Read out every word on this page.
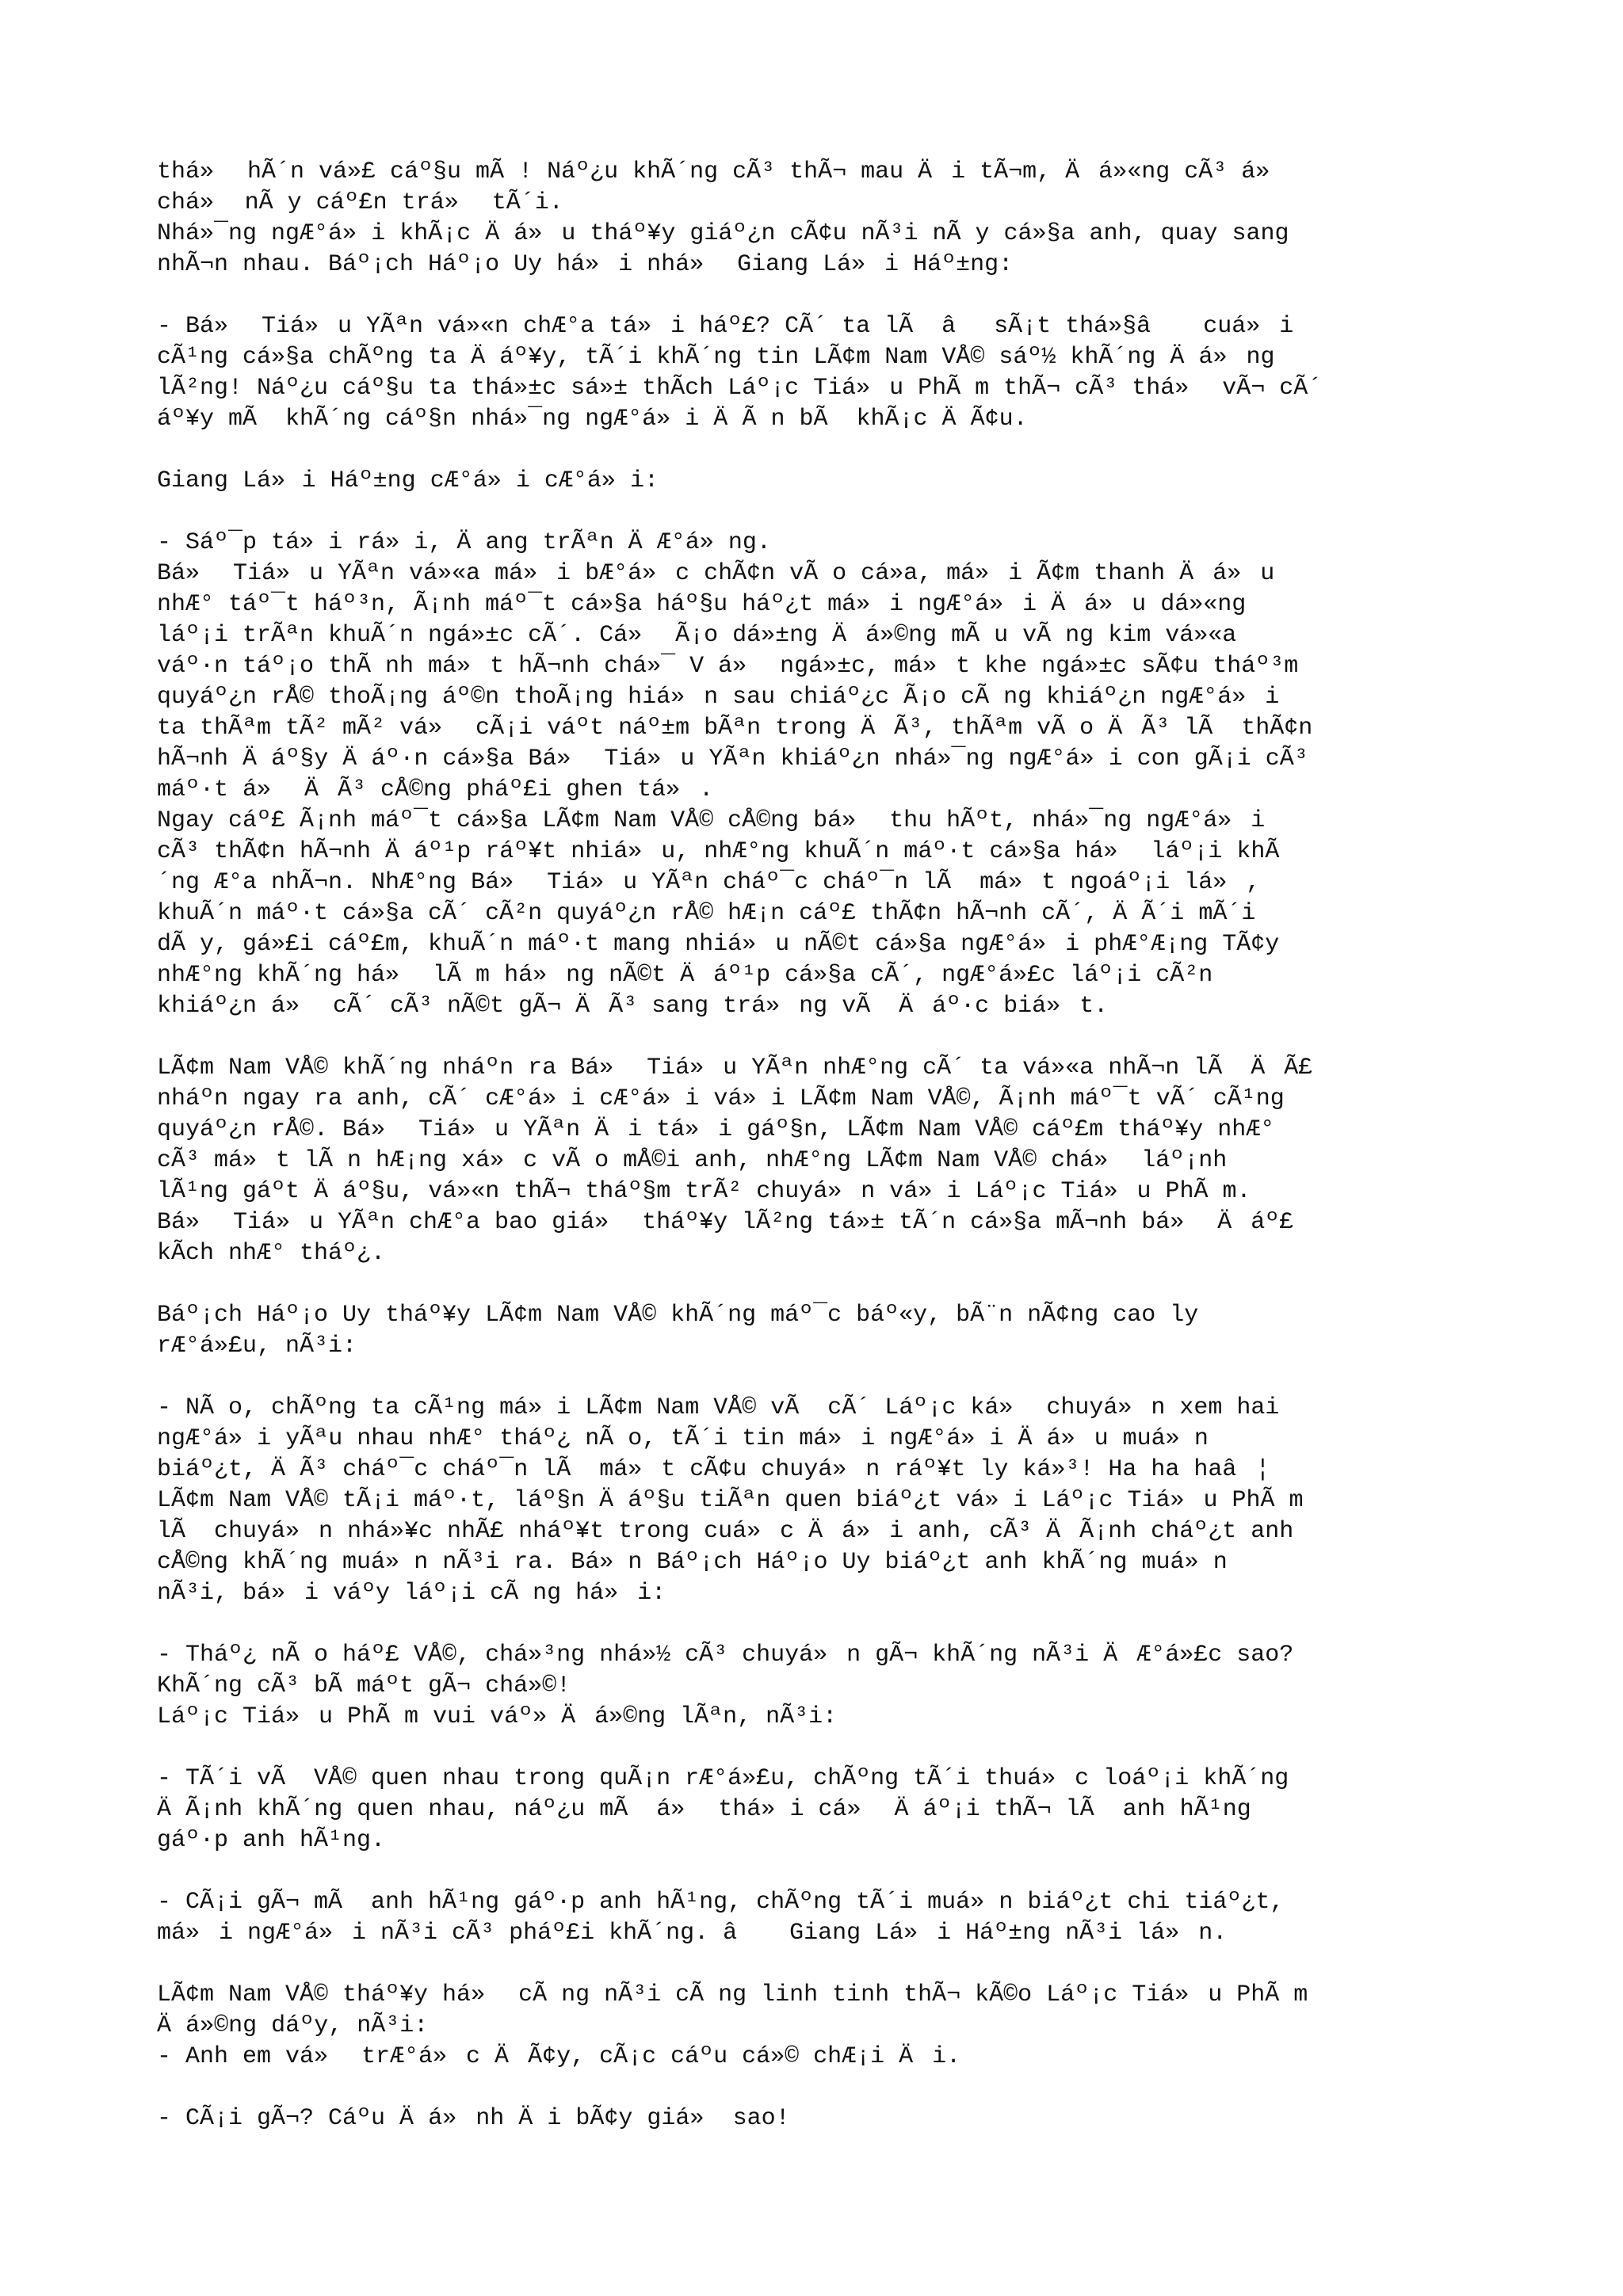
thá» hÃ´n vá»£ cáº§u mÃ ! Náº¿u khÃ´ng cÃ³ thÃ¬ mau Äi tÃ¬m, Äá»«ng cÃ³ á»

chá» nÃ y cáº£n trá» tÃ´i.

Nhá»¯ng ngÆ°á»i khÃ¡c Äá»u tháº¥y giáº¿n cÃ¢u nÃ³i nÃ y cá»§a anh, quay sang

nhÃ¬n nhau. Báº¡ch Háº¡o Uy há»i nhá» Giang Lá»i Háº±ng:

- Bá» Tiá»u YÃªn vá»«n chÆ°a tá»i háº£? CÃ´ ta lÃ  âsÃ¡t thá»§â cuá»i

cÃ¹ng cá»§a chÃºng ta Äáº¥y, tÃ´i khÃ´ng tin LÃ¢m Nam VÅ© sáº½ khÃ´ng Äá»ng

lÃ²ng! Náº¿u cáº§u ta thá»±c sá»± thÃch Láº¡c Tiá»u PhÃ m thÃ¬ cÃ³ thá» vÃ¬ cÃ´

áº¥y mÃ  khÃ´ng cáº§n nhá»¯ng ngÆ°á»i ÄÃ n bÃ  khÃ¡c ÄÃ¢u.

Giang Lá»i Háº±ng cÆ°á»i cÆ°á»i:

- Sáº¯p tá»i rá»i, Äang trÃªn ÄÆ°á»ng.

Bá» Tiá»u YÃªn vá»«a má»i bÆ°á»c chÃ¢n vÃ o cá»a, má»i Ã¢m thanh Äá»u

nhÆ° táº¯t háº³n, Ã¡nh máº¯t cá»§a háº§u háº¿t má»i ngÆ°á»i Äá»u dá»«ng

láº¡i trÃªn khuÃ´n ngá»±c cÃ´. Cá» Ã¡o dá»±ng Äá»©ng mÃ u vÃ ng kim vá»«a

váº·n táº¡o thÃ nh má»t hÃ¬nh chá»¯ V á» ngá»±c, má»t khe ngá»±c sÃ¢u tháº³m

quyáº¿n rÅ© thoÃ¡ng áº©n thoÃ¡ng hiá»n sau chiáº¿c Ã¡o cÃ ng khiáº¿n ngÆ°á»i

ta thÃªm tÃ² mÃ² vá» cÃ¡i váºt náº±m bÃªn trong ÄÃ³, thÃªm vÃ o ÄÃ³ lÃ  thÃ¢n

hÃ¬nh Äáº§y Äáº·n cá»§a Bá» Tiá»u YÃªn khiáº¿n nhá»¯ng ngÆ°á»i con gÃ¡i cÃ³

máº·t á» ÄÃ³ cÅ©ng pháº£i ghen tá».

Ngay cáº£ Ã¡nh máº¯t cá»§a LÃ¢m Nam VÅ© cÅ©ng bá» thu hÃºt, nhá»¯ng ngÆ°á»i

cÃ³ thÃ¢n hÃ¬nh Äáº¹p ráº¥t nhiá»u, nhÆ°ng khuÃ´n máº·t cá»§a há» láº¡i khÃ

´ng Æ°a nhÃ¬n. NhÆ°ng Bá» Tiá»u YÃªn cháº¯c cháº¯n lÃ  má»t ngoáº¡i lá»,

khuÃ´n máº·t cá»§a cÃ´ cÃ²n quyáº¿n rÅ© hÆ¡n cáº£ thÃ¢n hÃ¬nh cÃ´, ÄÃ´i mÃ´i

dÃ y, gá»£i cáº£m, khuÃ´n máº·t mang nhiá»u nÃ©t cá»§a ngÆ°á»i phÆ°Æ¡ng TÃ¢y

nhÆ°ng khÃ´ng há» lÃ m há»ng nÃ©t Äáº¹p cá»§a cÃ´, ngÆ°á»£c láº¡i cÃ²n

khiáº¿n á» cÃ´ cÃ³ nÃ©t gÃ¬ ÄÃ³ sang trá»ng vÃ  Äáº·c biá»t.

LÃ¢m Nam VÅ© khÃ´ng nháºn ra Bá» Tiá»u YÃªn nhÆ°ng cÃ´ ta vá»«a nhÃ¬n lÃ  ÄÃ£

nháºn ngay ra anh, cÃ´ cÆ°á»i cÆ°á»i vá»i LÃ¢m Nam VÅ©, Ã¡nh máº¯t vÃ´ cÃ¹ng

quyáº¿n rÅ©. Bá» Tiá»u YÃªn Äi tá»i gáº§n, LÃ¢m Nam VÅ© cáº£m tháº¥y nhÆ°

cÃ³ má»t lÃ n hÆ¡ng xá»c vÃ o mÅ©i anh, nhÆ°ng LÃ¢m Nam VÅ© chá» láº¡nh

lÃ¹ng gáºt Äáº§u, vá»«n thÃ¬ tháº§m trÃ² chuyá»n vá»i Láº¡c Tiá»u PhÃ m.

Bá» Tiá»u YÃªn chÆ°a bao giá» tháº¥y lÃ²ng tá»± tÃ´n cá»§a mÃ¬nh bá» Äáº£

kÃch nhÆ° tháº¿.

Báº¡ch Háº¡o Uy tháº¥y LÃ¢m Nam VÅ© khÃ´ng máº¯c báº«y, bÃ¨n nÃ¢ng cao ly

rÆ°á»£u, nÃ³i:

- NÃ o, chÃºng ta cÃ¹ng má»i LÃ¢m Nam VÅ© vÃ  cÃ´ Láº¡c ká» chuyá»n xem hai

ngÆ°á»i yÃªu nhau nhÆ° tháº¿ nÃ o, tÃ´i tin má»i ngÆ°á»i Äá»u muá»n

biáº¿t, ÄÃ³ cháº¯c cháº¯n lÃ  má»t cÃ¢u chuyá»n ráº¥t ly ká»³! Ha ha haâ¦

LÃ¢m Nam VÅ© tÃ¡i máº·t, láº§n Äáº§u tiÃªn quen biáº¿t vá»i Láº¡c Tiá»u PhÃ m

lÃ  chuyá»n nhá»¥c nhÃ£ nháº¥t trong cuá»c Äá»i anh, cÃ³ ÄÃ¡nh cháº¿t anh

cÅ©ng khÃ´ng muá»n nÃ³i ra. Bá»n Báº¡ch Háº¡o Uy biáº¿t anh khÃ´ng muá»n

nÃ³i, bá»i váºy láº¡i cÃ ng há»i:

- Tháº¿ nÃ o háº£ VÅ©, chá»³ng nhá»½ cÃ³ chuyá»n gÃ¬ khÃ´ng nÃ³i ÄÆ°á»£c sao?

KhÃ´ng cÃ³ bÃ máºt gÃ¬ chá»©!

Láº¡c Tiá»u PhÃ m vui váº» Äá»©ng lÃªn, nÃ³i:

- TÃ´i vÃ  VÅ© quen nhau trong quÃ¡n rÆ°á»£u, chÃºng tÃ´i thuá»c loáº¡i khÃ´ng

ÄÃ¡nh khÃ´ng quen nhau, náº¿u mÃ  á» thá»i cá» Äáº¡i thÃ¬ lÃ  anh hÃ¹ng

gáº·p anh hÃ¹ng.

- CÃ¡i gÃ¬ mÃ  anh hÃ¹ng gáº·p anh hÃ¹ng, chÃºng tÃ´i muá»n biáº¿t chi tiáº¿t,

má»i ngÆ°á»i nÃ³i cÃ³ pháº£i khÃ´ng. â Giang Lá»i Háº±ng nÃ³i lá»n.

LÃ¢m Nam VÅ© tháº¥y há» cÃ ng nÃ³i cÃ ng linh tinh thÃ¬ kÃ©o Láº¡c Tiá»u PhÃ m

Äá»©ng dáºy, nÃ³i:

- Anh em vá» trÆ°á»c ÄÃ¢y, cÃ¡c cáºu cá»© chÆ¡i Äi.

- CÃ¡i gÃ¬? Cáºu Äá»nh Äi bÃ¢y giá» sao!
